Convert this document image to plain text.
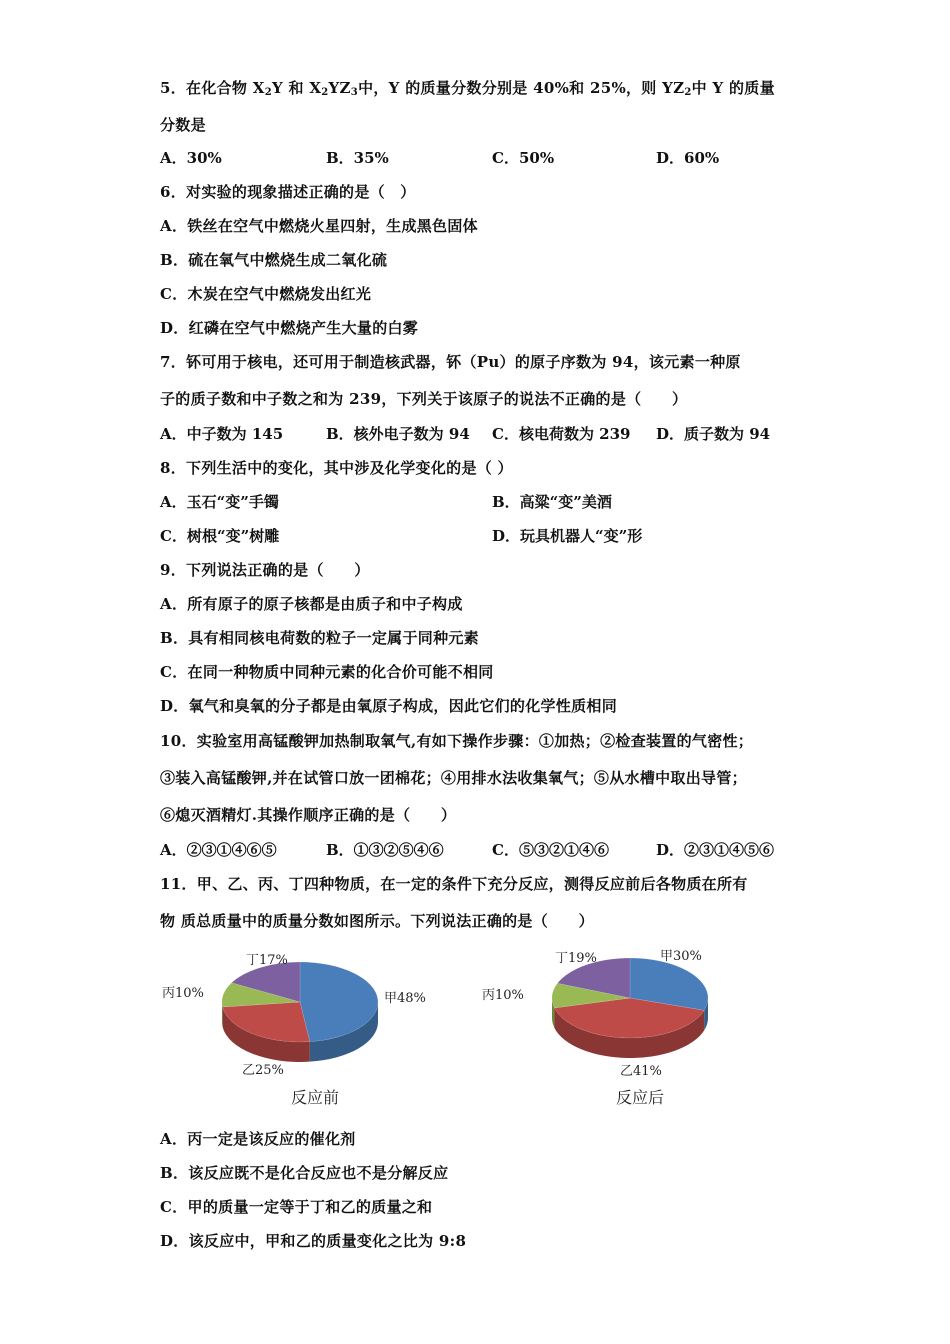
5．在化合物 $X_2Y$ 和 $X_2YZ_3$中，Y 的质量分数分别是 40%和 25%，则 $YZ_2$中 Y 的质量
分数是
A．30%	B．35%	C．50%	D．60%
6．对实验的现象描述正确的是（　）
A．铁丝在空气中燃烧火星四射，生成黑色固体
B．硫在氧气中燃烧生成二氧化硫
C．木炭在空气中燃烧发出红光
D．红磷在空气中燃烧产生大量的白雾
7．钚可用于核电，还可用于制造核武器，钚（Pu）的原子序数为 94，该元素一种原
子的质子数和中子数之和为 239，下列关于该原子的说法不正确的是（　　）
A．中子数为 145	B．核外电子数为 94 C．核电荷数为 239 D．质子数为 94
8．下列生活中的变化，其中涉及化学变化的是（ ）
A．玉石“变”手镯	B．高粱“变”美酒
C．树根“变”树雕	D．玩具机器人“变”形
9．下列说法正确的是（　　）
A．所有原子的原子核都是由质子和中子构成
B．具有相同核电荷数的粒子一定属于同种元素
C．在同一种物质中同种元素的化合价可能不相同
D．氧气和臭氧的分子都是由氧原子构成，因此它们的化学性质相同
10．实验室用高锰酸钾加热制取氧气,有如下操作步骤：①加热；②检查装置的气密性；
③装入高锰酸钾,并在试管口放一团棉花；④用排水法收集氧气；⑤从水槽中取出导管；
⑥熄灭酒精灯.其操作顺序正确的是（　　）
A．②③①④⑥⑤	B．①③②⑤④⑥	C．⑤③②①④⑥	D．②③①④⑤⑥
11．甲、乙、丙、丁四种物质，在一定的条件下充分反应，测得反应前后各物质在所有
物 质总质量中的质量分数如图所示。下列说法正确的是（　　）
丁17%
丙10%	甲48%
乙25%
反应前
丁19%
丙10%
甲30%
乙41%
反应后
A．丙一定是该反应的催化剂
B．该反应既不是化合反应也不是分解反应
C．甲的质量一定等于丁和乙的质量之和
D．该反应中，甲和乙的质量变化之比为 9:8
